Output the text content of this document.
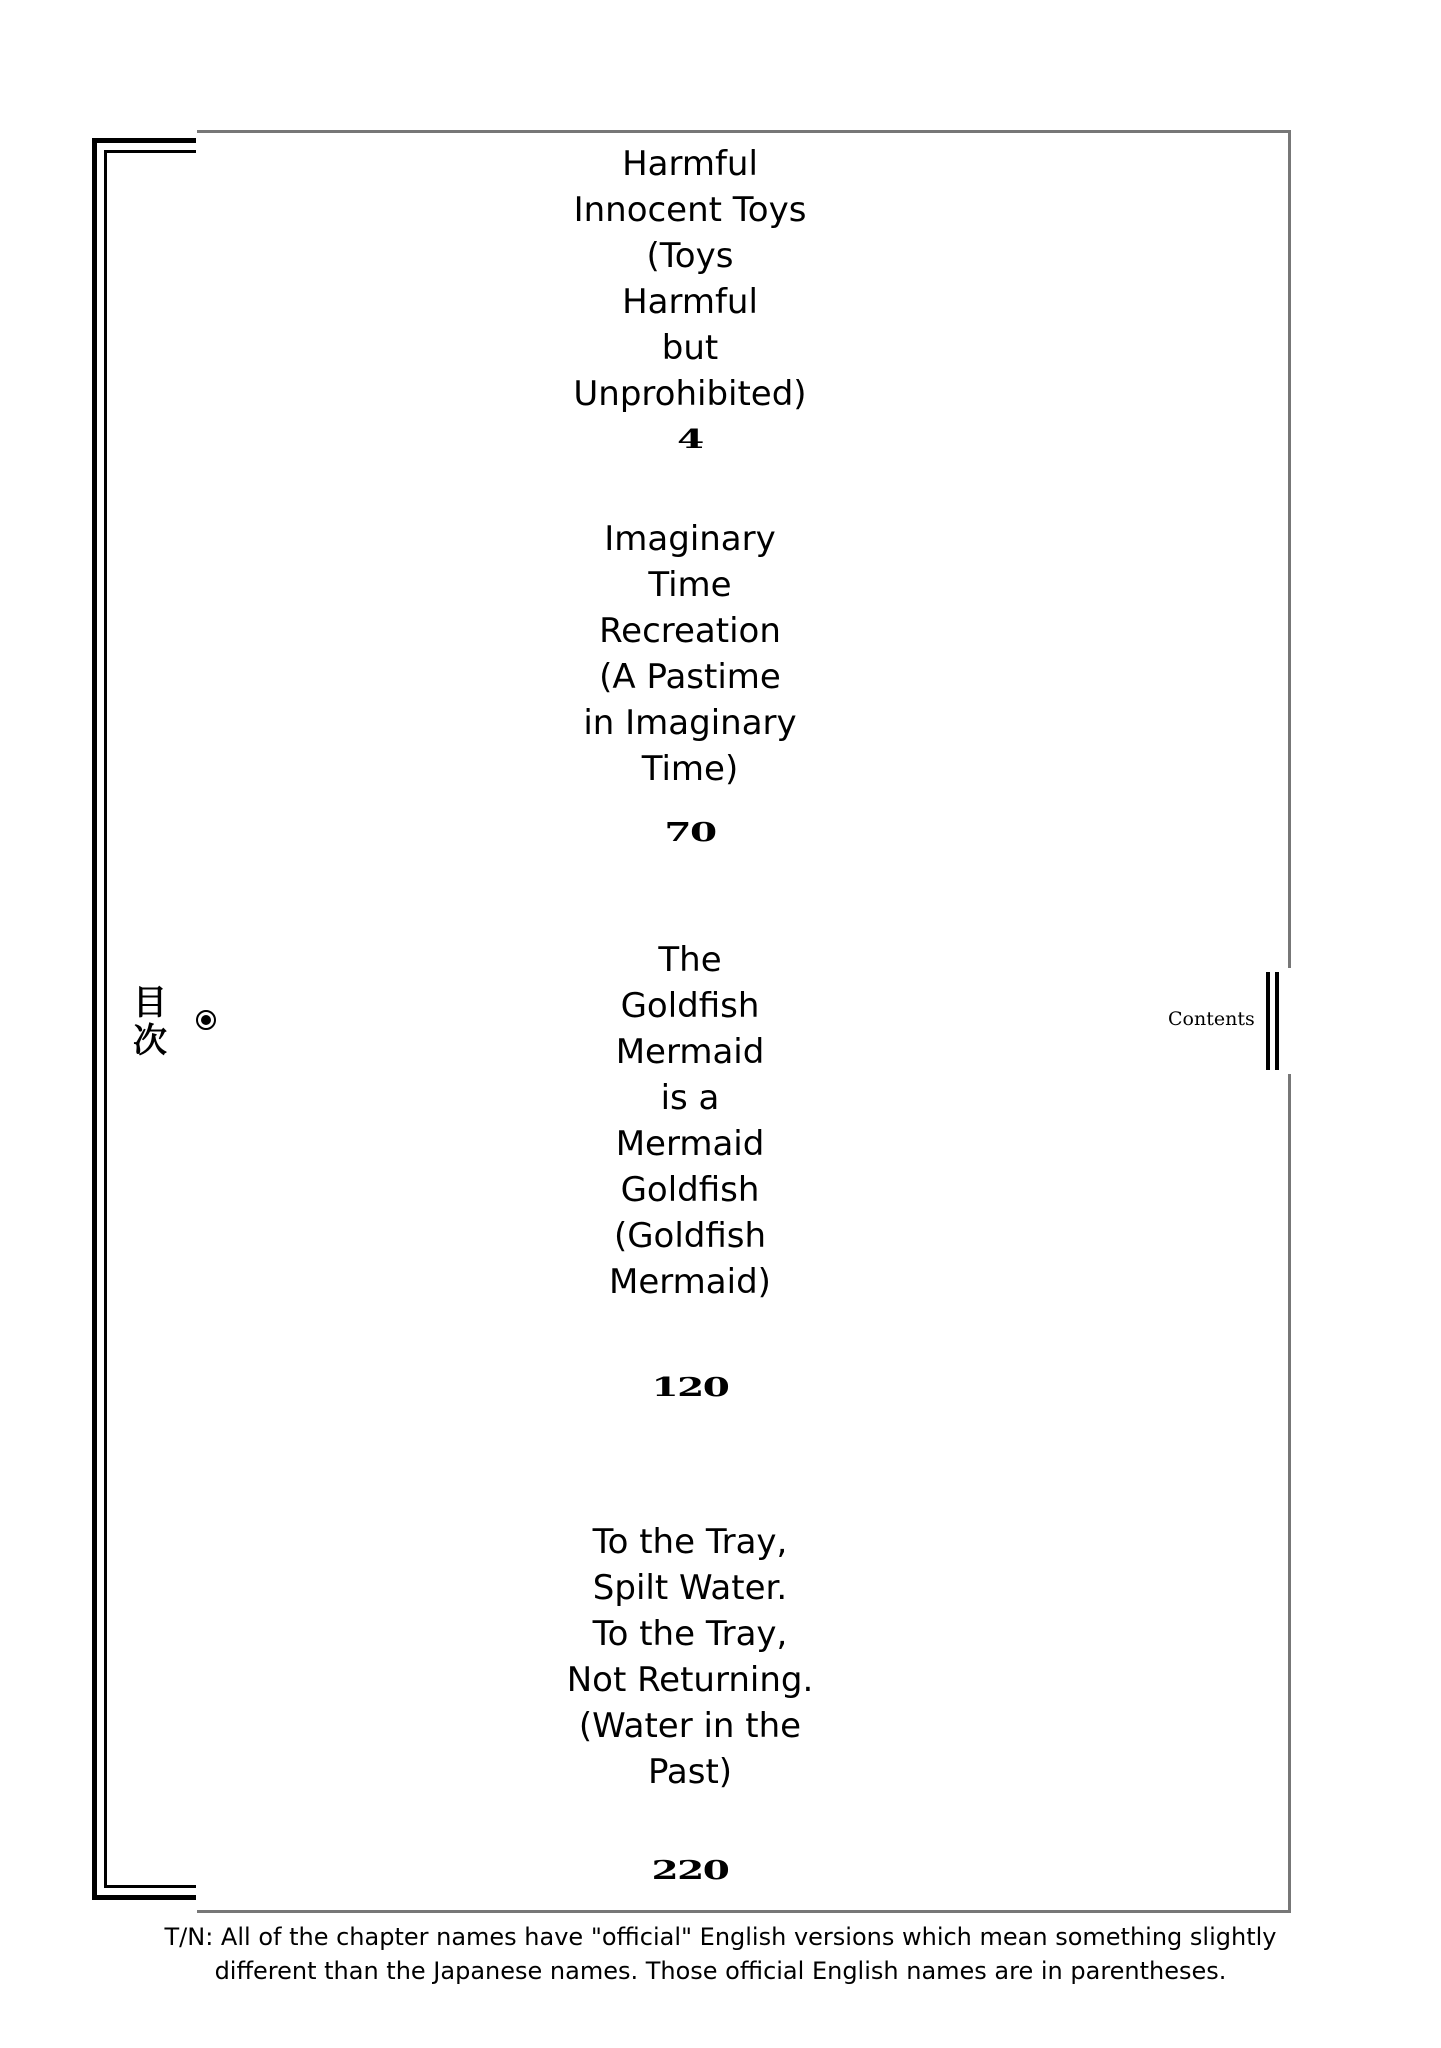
目
次
Contents
Harmful
Innocent Toys
(Toys
Harmful
but
Unprohibited)
4
Imaginary
Time
Recreation
(A Pastime
in Imaginary
Time)
70
The
Goldfish
Mermaid
is a
Mermaid
Goldfish
(Goldfish
Mermaid)
120
To the Tray,
Spilt Water.
To the Tray,
Not Returning.
(Water in the
Past)
220
T/N: All of the chapter names have "official" English versions which mean something slightly
different than the Japanese names. Those official English names are in parentheses.
